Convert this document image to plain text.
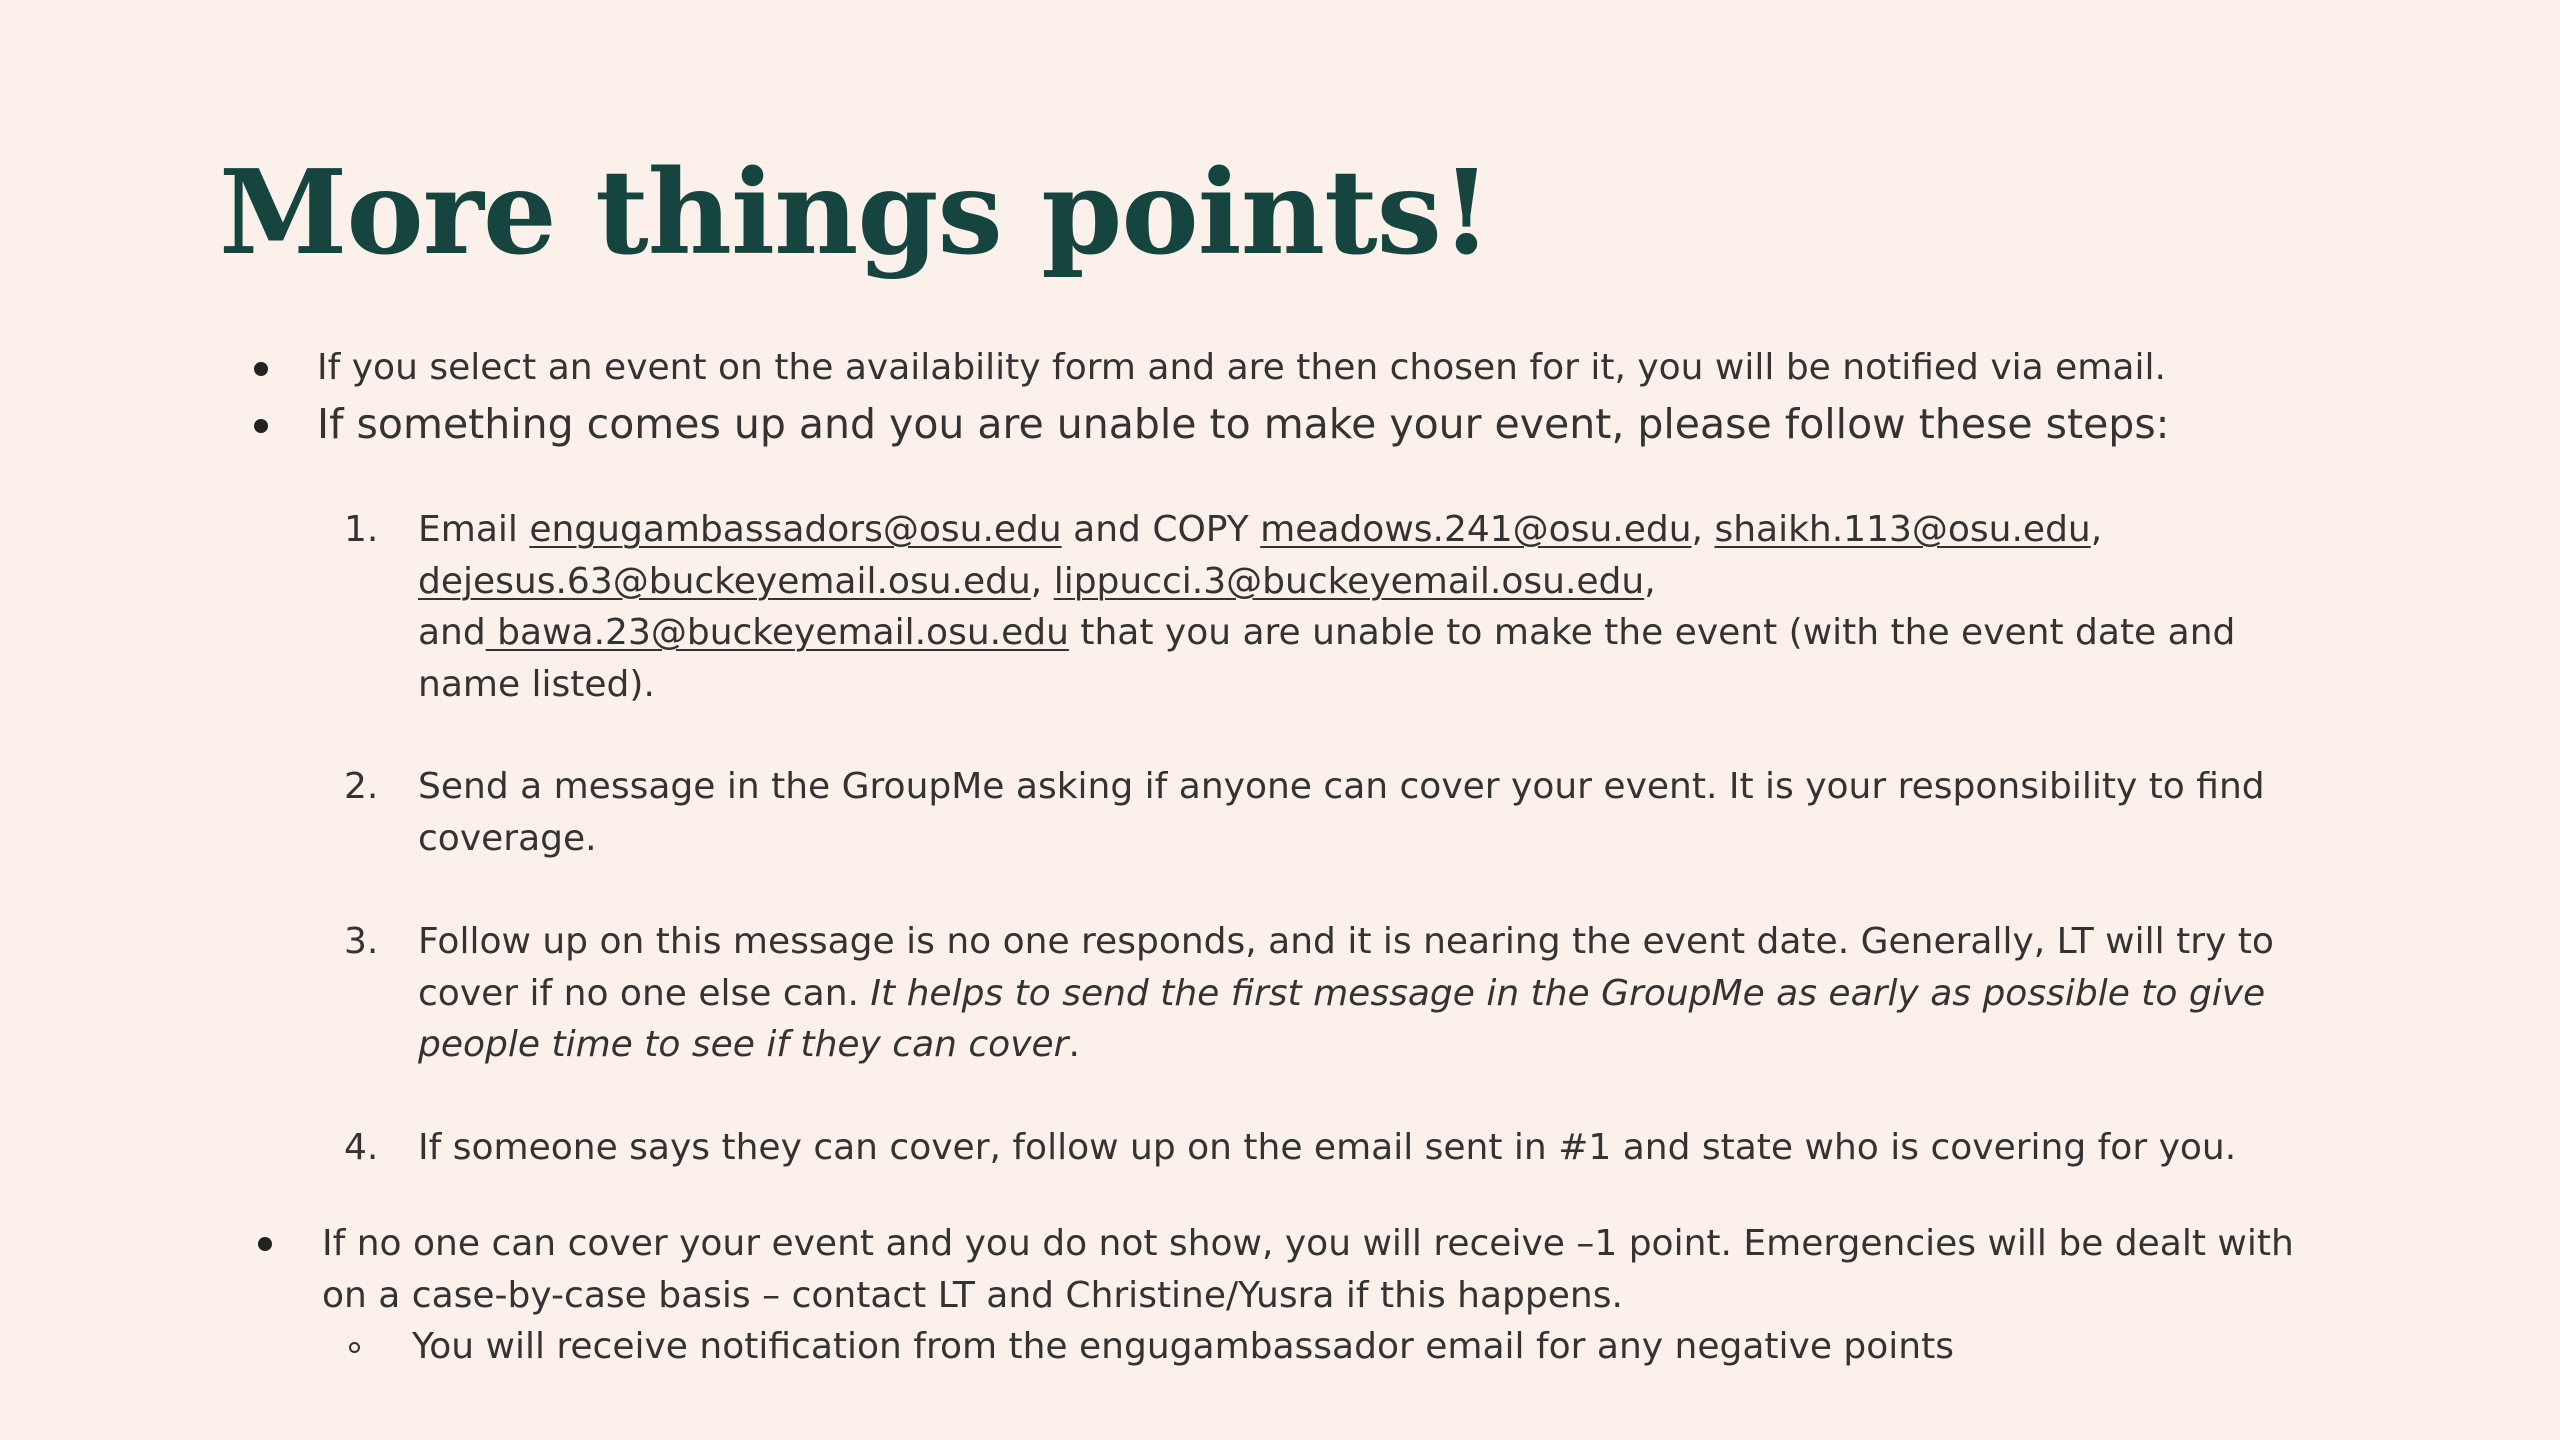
More things points!
If you select an event on the availability form and are then chosen for it, you will be notified via email.
If something comes up and you are unable to make your event, please follow these steps:
1. Email engugambassadors@osu.edu and COPY meadows.241@osu.edu, shaikh.113@osu.edu,
dejesus.63@buckeyemail.osu.edu, lippucci.3@buckeyemail.osu.edu,
and bawa.23@buckeyemail.osu.edu that you are unable to make the event (with the event date and
name listed).
2. Send a message in the GroupMe asking if anyone can cover your event. It is your responsibility to find
coverage.
3. Follow up on this message is no one responds, and it is nearing the event date. Generally, LT will try to
cover if no one else can. It helps to send the first message in the GroupMe as early as possible to give
people time to see if they can cover.
4. If someone says they can cover, follow up on the email sent in #1 and state who is covering for you.
If no one can cover your event and you do not show, you will receive –1 point. Emergencies will be dealt with
on a case-by-case basis – contact LT and Christine/Yusra if this happens.
You will receive notification from the engugambassador email for any negative points
